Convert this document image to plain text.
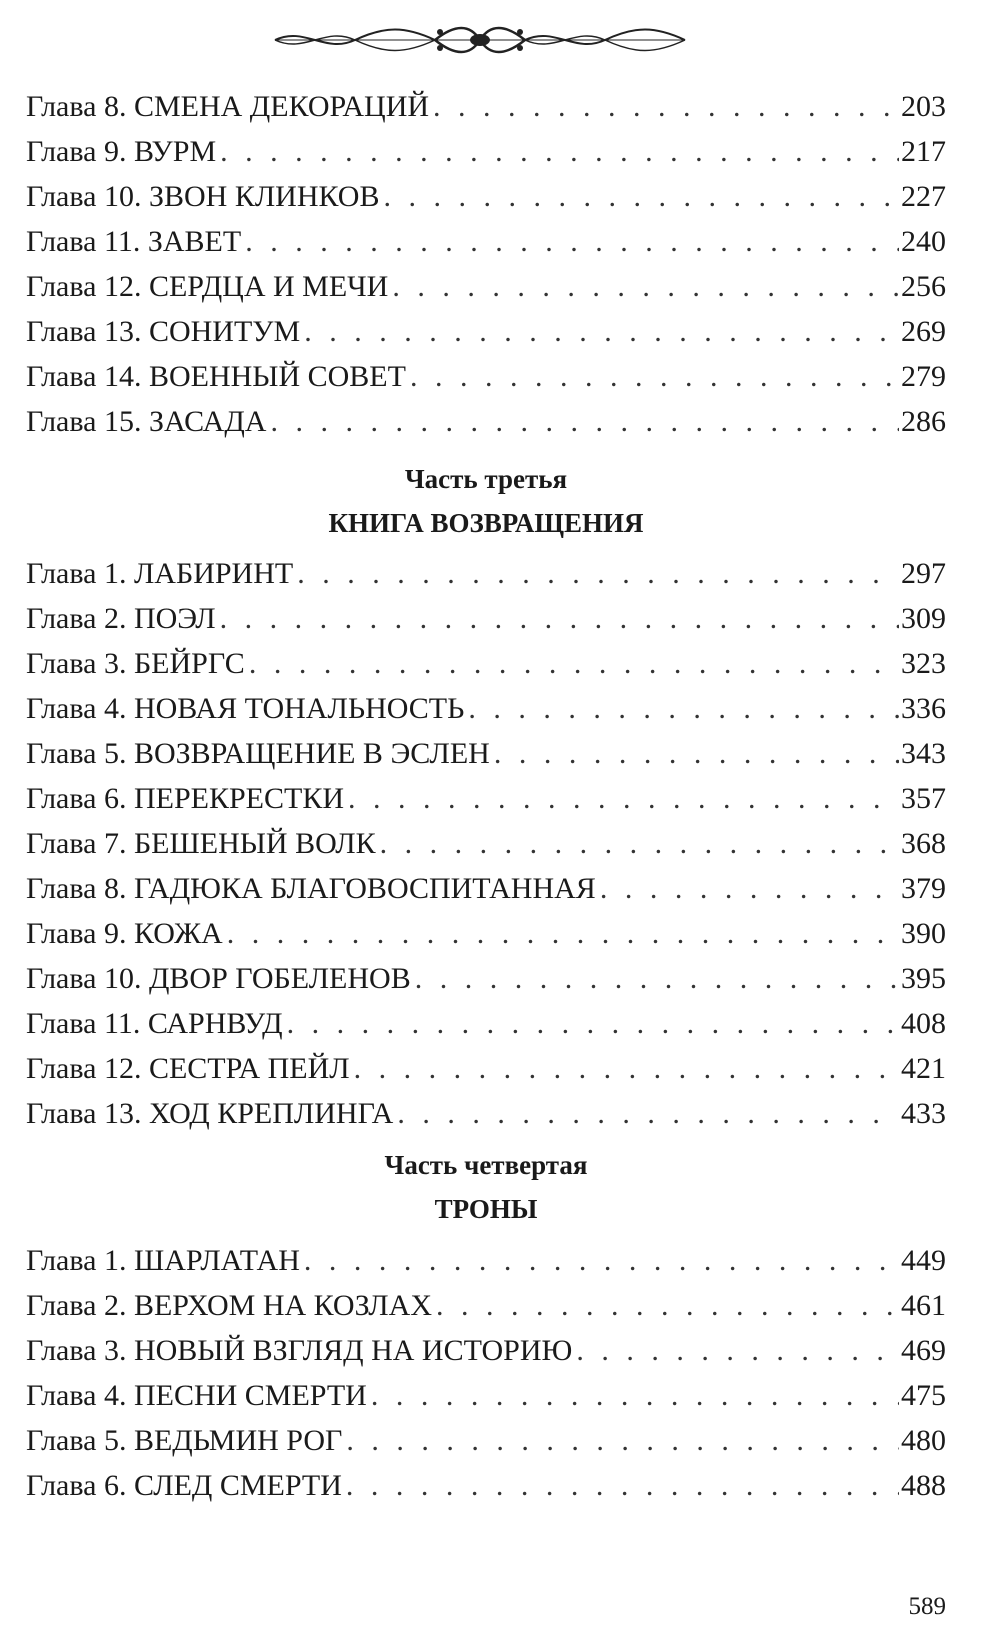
Глава 8. СМЕНА ДЕКОРАЦИЙ . . .	203
Глава 9. ВУРМ . . .	217
Глава 10. ЗВОН КЛИНКОВ . . .	227
Глава 11. ЗАВЕТ . . .	240
Глава 12. СЕРДЦА И МЕЧИ . . .	256
Глава 13. СОНИТУМ . . .	269
Глава 14. ВОЕННЫЙ СОВЕТ . . .	279
Глава 15. ЗАСАДА . . .	286
Часть третья
КНИГА ВОЗВРАЩЕНИЯ
Глава 1. ЛАБИРИНТ . . .	297
Глава 2. ПОЭЛ . . .	309
Глава 3. БЕЙРГС . . .	323
Глава 4. НОВАЯ ТОНАЛЬНОСТЬ . . .	336
Глава 5. ВОЗВРАЩЕНИЕ В ЭСЛЕН . . .	343
Глава 6. ПЕРЕКРЕСТКИ . . .	357
Глава 7. БЕШЕНЫЙ ВОЛК . . .	368
Глава 8. ГАДЮКА БЛАГОВОСПИТАННАЯ . . .	379
Глава 9. КОЖА . . .	390
Глава 10. ДВОР ГОБЕЛЕНОВ . . .	395
Глава 11. САРНВУД . . .	408
Глава 12. СЕСТРА ПЕЙЛ . . .	421
Глава 13. ХОД КРЕПЛИНГА . . .	433
Часть четвертая
ТРОНЫ
Глава 1. ШАРЛАТАН . . .	449
Глава 2. ВЕРХОМ НА КОЗЛАХ . . .	461
Глава 3. НОВЫЙ ВЗГЛЯД НА ИСТОРИЮ . . .	469
Глава 4. ПЕСНИ СМЕРТИ . . .	475
Глава 5. ВЕДЬМИН РОГ . . .	480
Глава 6. СЛЕД СМЕРТИ . . .	488
589
